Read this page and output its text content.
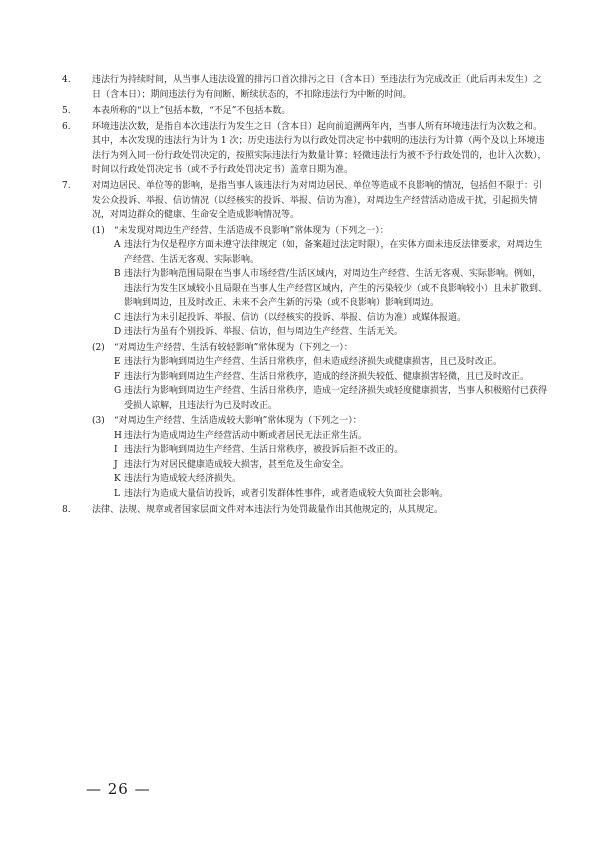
4. 违法行为持续时间，从当事人违法设置的排污口首次排污之日（含本日）至违法行为完成改正（此后再未发生）之日（含本日）；期间违法行为有间断、断续状态的，不扣除违法行为中断的时间。
5. 本表所称的“以上”包括本数，“不足”不包括本数。
6. 环境违法次数，是指自本次违法行为发生之日（含本日）起向前追溯两年内，当事人所有环境违法行为次数之和。其中，本次发现的违法行为计为 1 次；历史违法行为以行政处罚决定书中载明的违法行为计算（两个及以上环境违法行为列入同一份行政处罚决定的，按照实际违法行为数量计算；轻微违法行为被不予行政处罚的，也计入次数），时间以行政处罚决定书（或不予行政处罚决定书）盖章日期为准。
7. 对周边居民、单位等的影响，是指当事人该违法行为对周边居民、单位等造成不良影响的情况，包括但不限于：引发公众投诉、举报、信访情况（以经核实的投诉、举报、信访为准），对周边生产经营活动造成干扰，引起损失情况，对周边群众的健康、生命安全造成影响情况等。
(1) “未发现对周边生产经营、生活造成不良影响”常体现为（下列之一）：
A 违法行为仅是程序方面未遵守法律规定（如，备案超过法定时限），在实体方面未违反法律要求，对周边生产经营、生活无客观、实际影响。
B 违法行为影响范围局限在当事人市场经营/生活区域内，对周边生产经营、生活无客观、实际影响。例如，违法行为发生区域较小且局限在当事人生产经营区域内，产生的污染较少（或不良影响较小）且未扩散到、影响到周边，且及时改正、未来不会产生新的污染（或不良影响）影响到周边。
C 违法行为未引起投诉、举报、信访（以经核实的投诉、举报、信访为准）或媒体报道。
D 违法行为虽有个别投诉、举报、信访，但与周边生产经营、生活无关。
(2) “对周边生产经营、生活有较轻影响”常体现为（下列之一）：
E 违法行为影响到周边生产经营、生活日常秩序，但未造成经济损失或健康损害，且已及时改正。
F 违法行为影响到周边生产经营、生活日常秩序，造成的经济损失较低、健康损害轻微，且已及时改正。
G 违法行为影响到周边生产经营、生活日常秩序，造成一定经济损失或轻度健康损害，当事人积极赔付已获得受损人谅解，且违法行为已及时改正。
(3) “对周边生产经营、生活造成较大影响”常体现为（下列之一）：
H 违法行为造成周边生产经营活动中断或者居民无法正常生活。
I 违法行为影响到周边生产经营、生活日常秩序，被投诉后拒不改正的。
J 违法行为对居民健康造成较大损害，甚至危及生命安全。
K 违法行为造成较大经济损失。
L 违法行为造成大量信访投诉，或者引发群体性事件，或者造成较大负面社会影响。
8. 法律、法规、规章或者国家层面文件对本违法行为处罚裁量作出其他规定的，从其规定。
— 26 —
